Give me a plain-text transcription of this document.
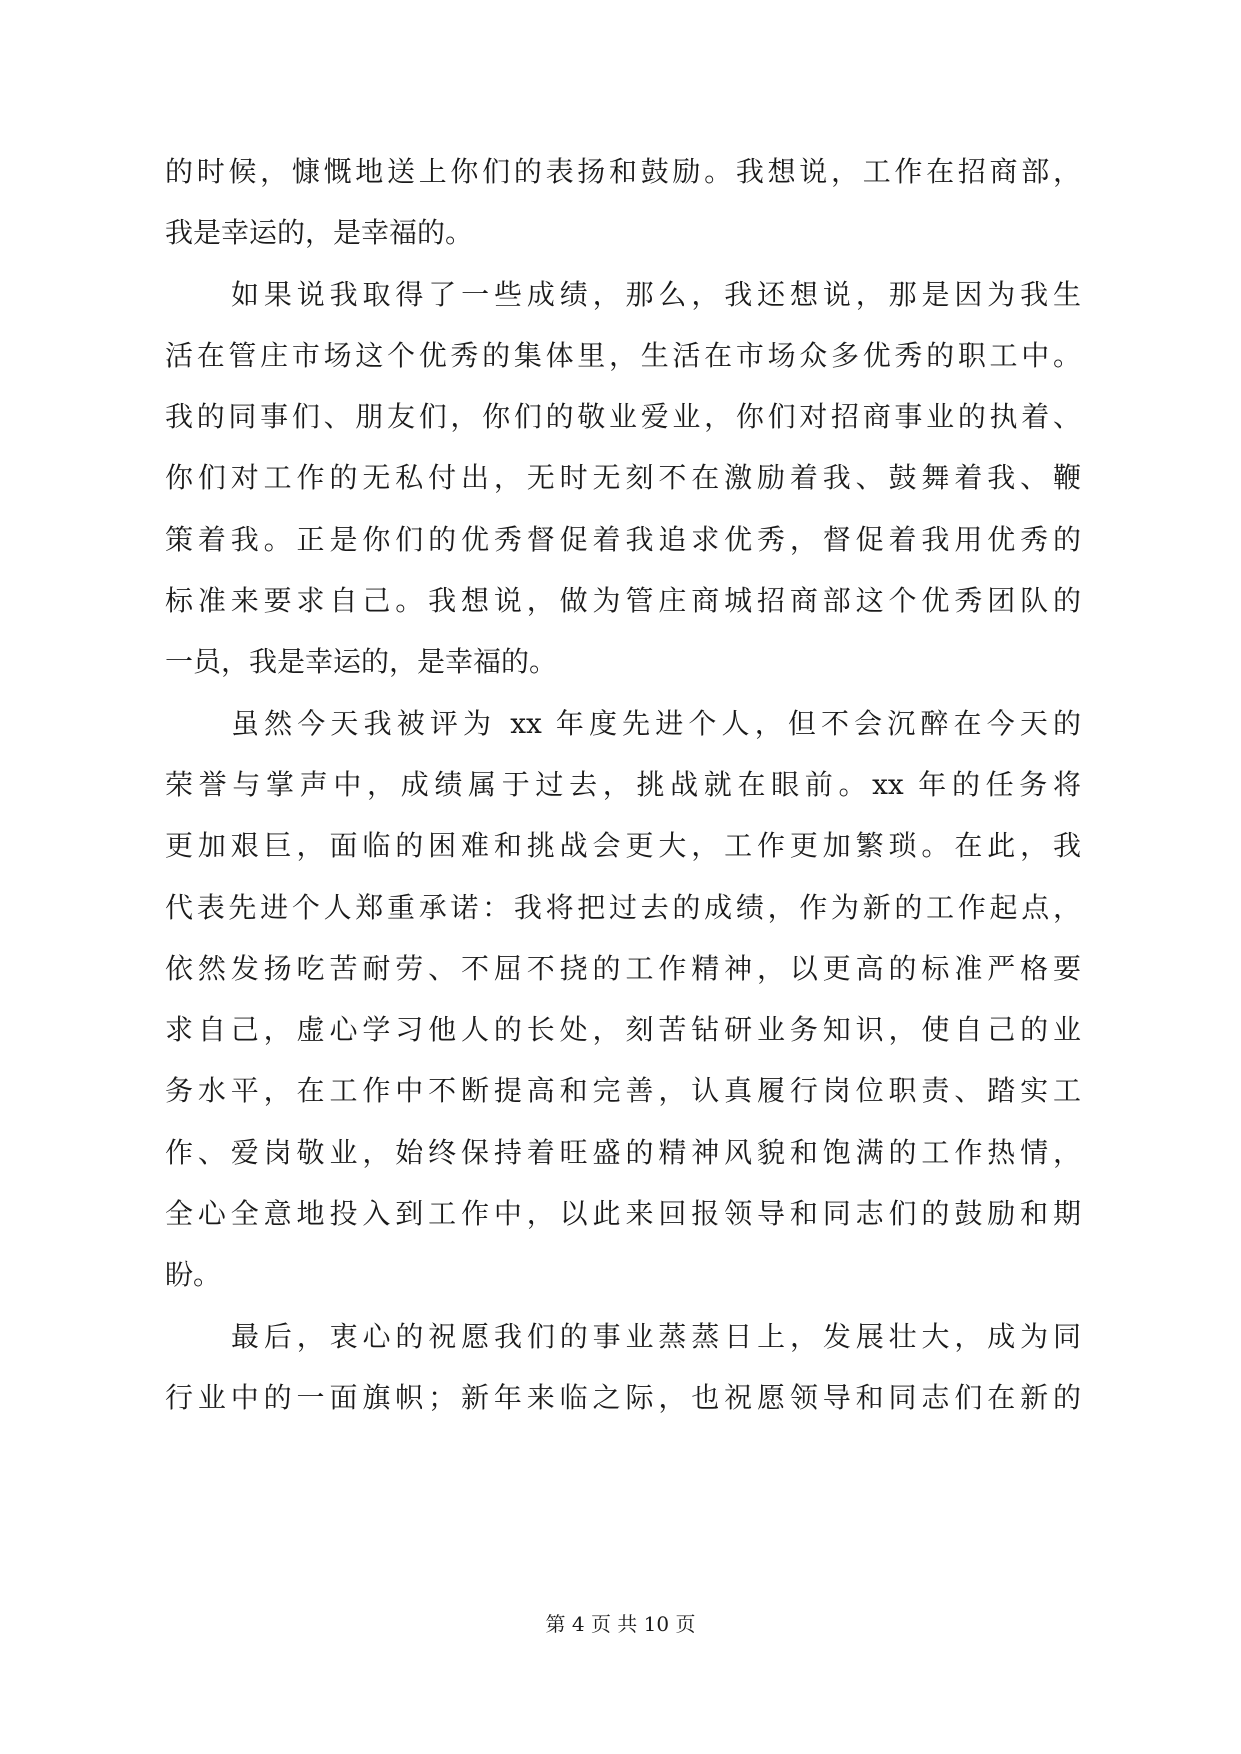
的时候，慷慨地送上你们的表扬和鼓励。我想说，工作在招商部，
我是幸运的，是幸福的。
如果说我取得了一些成绩，那么，我还想说，那是因为我生
活在管庄市场这个优秀的集体里，生活在市场众多优秀的职工中。
我的同事们、朋友们，你们的敬业爱业，你们对招商事业的执着、
你们对工作的无私付出，无时无刻不在激励着我、鼓舞着我、鞭
策着我。正是你们的优秀督促着我追求优秀，督促着我用优秀的
标准来要求自己。我想说，做为管庄商城招商部这个优秀团队的
一员，我是幸运的，是幸福的。
虽然今天我被评为 xx 年度先进个人，但不会沉醉在今天的
荣誉与掌声中，成绩属于过去，挑战就在眼前。xx 年的任务将
更加艰巨，面临的困难和挑战会更大，工作更加繁琐。在此，我
代表先进个人郑重承诺：我将把过去的成绩，作为新的工作起点，
依然发扬吃苦耐劳、不屈不挠的工作精神，以更高的标准严格要
求自己，虚心学习他人的长处，刻苦钻研业务知识，使自己的业
务水平，在工作中不断提高和完善，认真履行岗位职责、踏实工
作、爱岗敬业，始终保持着旺盛的精神风貌和饱满的工作热情，
全心全意地投入到工作中，以此来回报领导和同志们的鼓励和期
盼。
最后，衷心的祝愿我们的事业蒸蒸日上，发展壮大，成为同
行业中的一面旗帜；新年来临之际，也祝愿领导和同志们在新的
第 4 页 共 10 页
